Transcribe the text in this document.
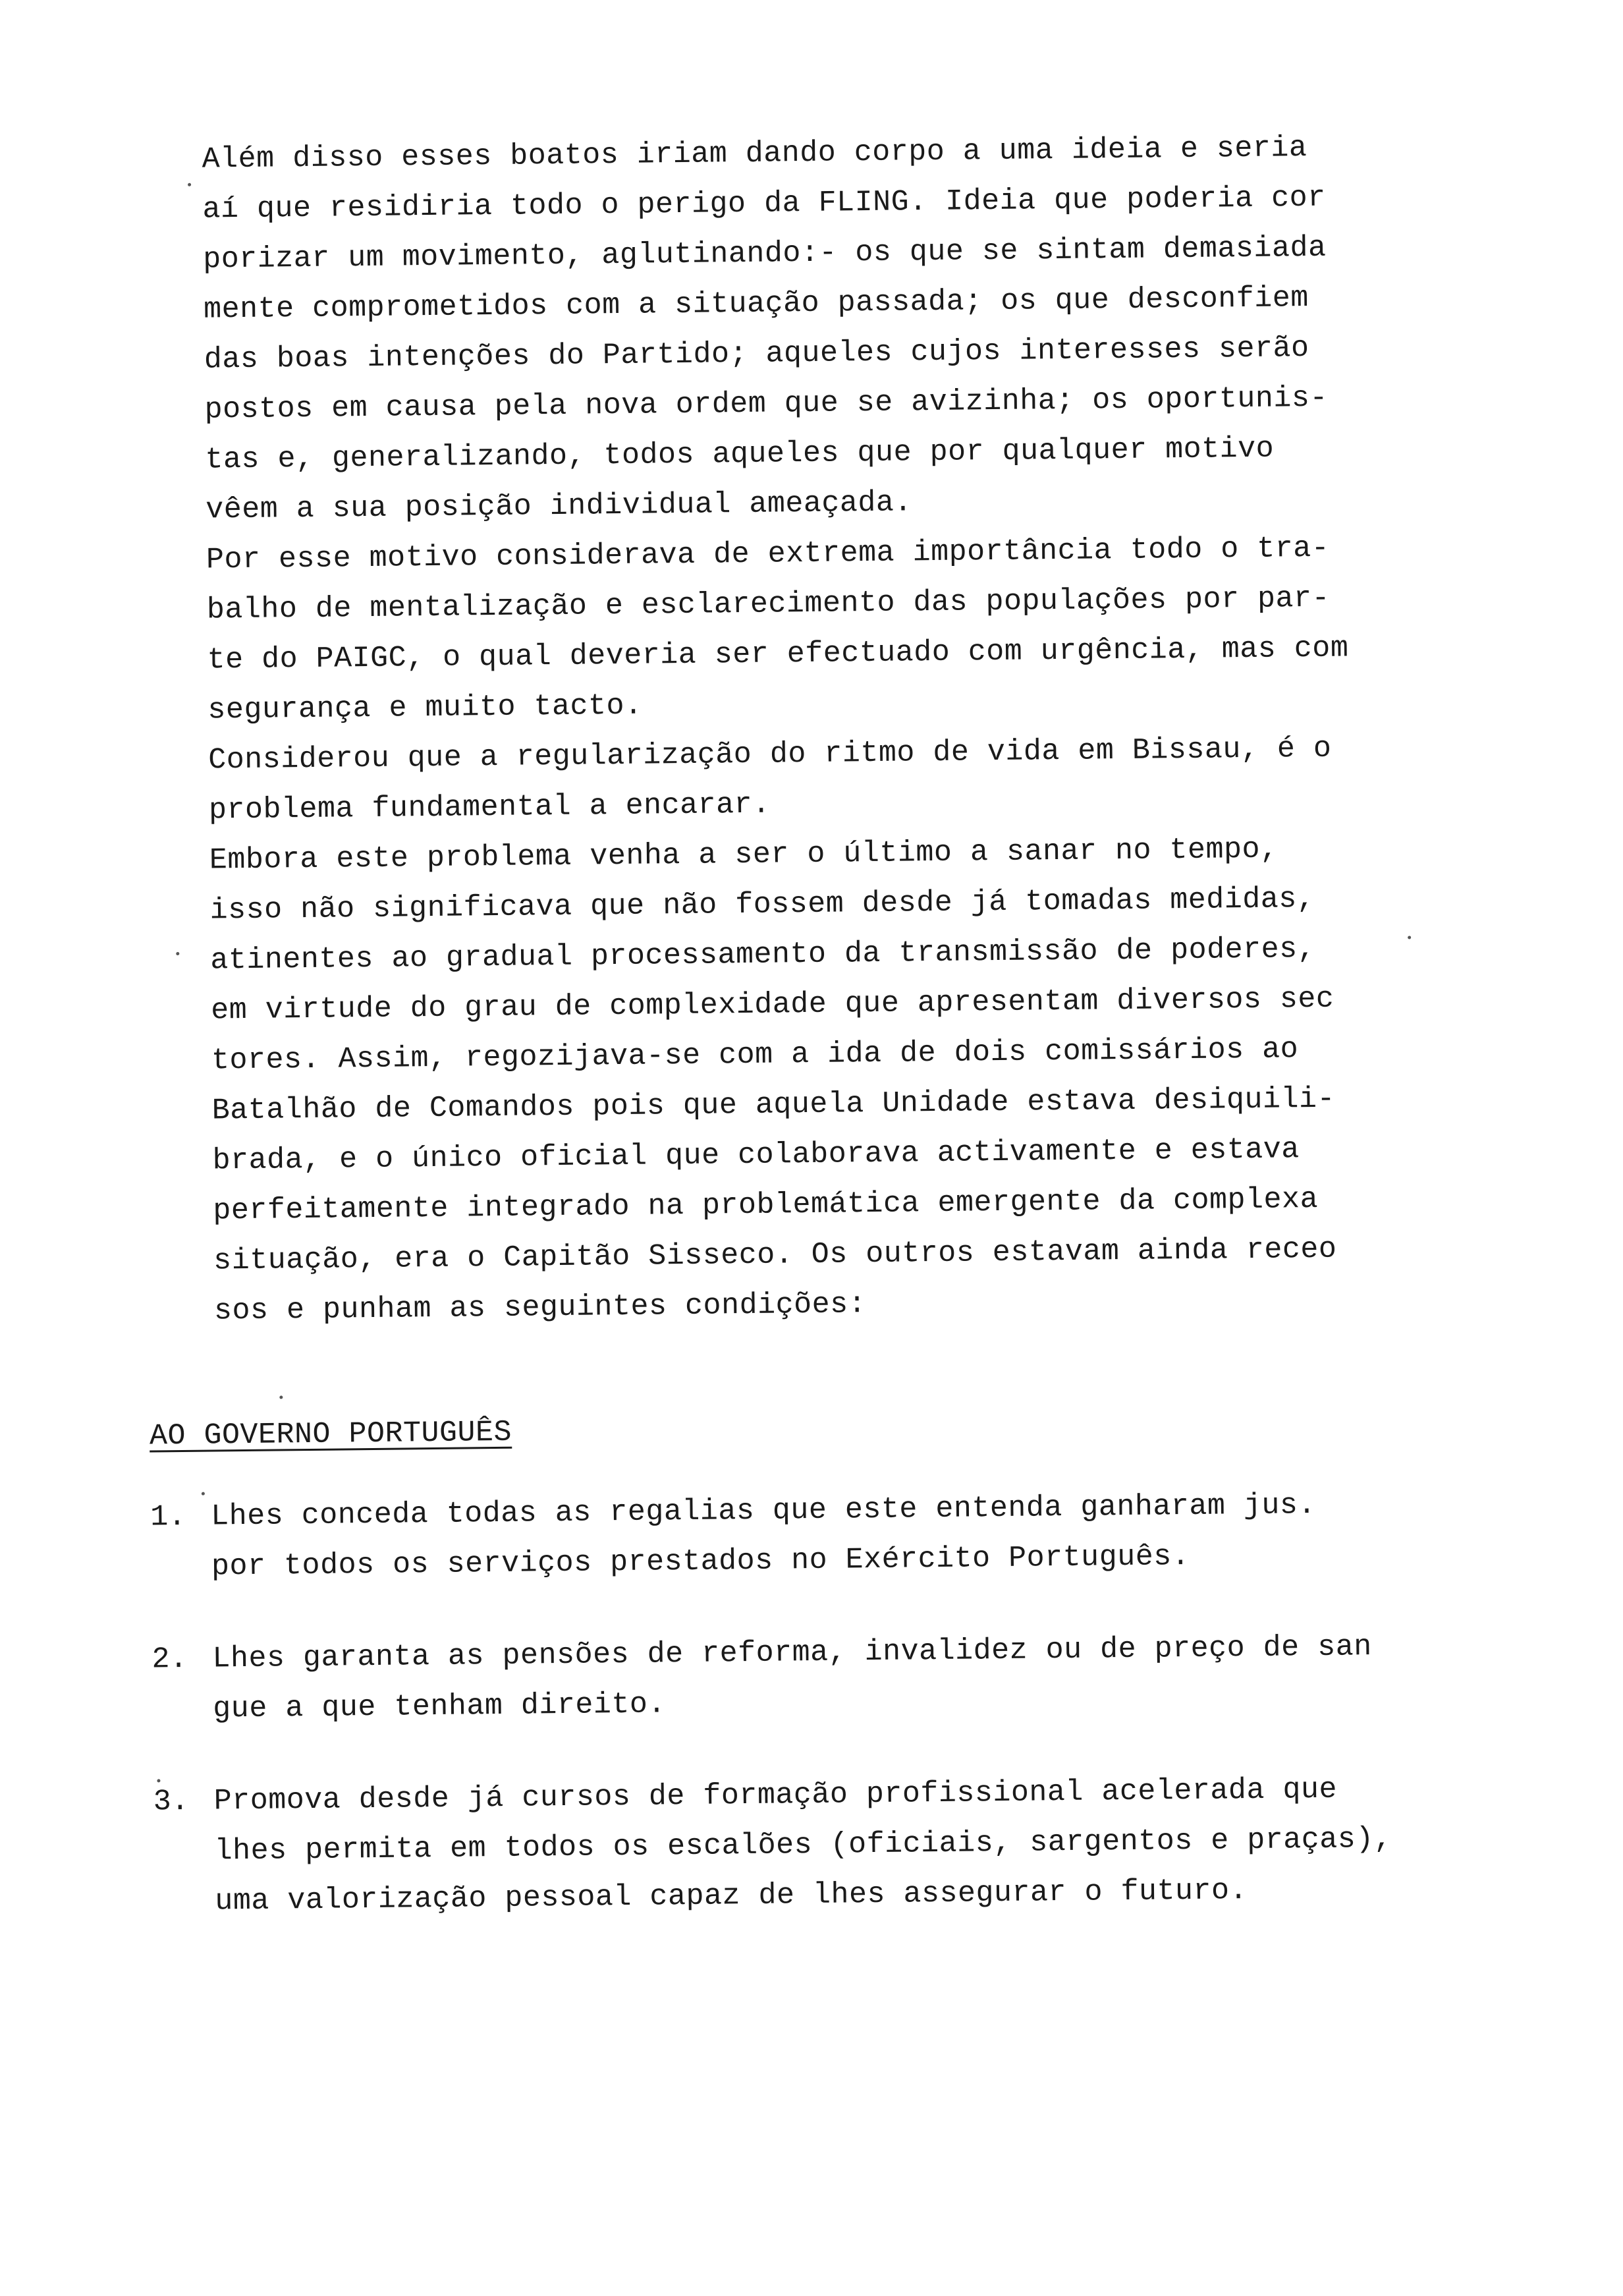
Além disso esses boatos iriam dando corpo a uma ideia e seria
aí que residiria todo o perigo da FLING. Ideia que poderia cor
porizar um movimento, aglutinando:- os que se sintam demasiada
mente comprometidos com a situação passada; os que desconfiem
das boas intenções do Partido; aqueles cujos interesses serão
postos em causa pela nova ordem que se avizinha; os oportunis-
tas e, generalizando, todos aqueles que por qualquer motivo
vêem a sua posição individual ameaçada.
Por esse motivo considerava de extrema importância todo o tra-
balho de mentalização e esclarecimento das populações por par-
te do PAIGC, o qual deveria ser efectuado com urgência, mas com
segurança e muito tacto.
Considerou que a regularização do ritmo de vida em Bissau, é o
problema fundamental a encarar.
Embora este problema venha a ser o último a sanar no tempo,
isso não significava que não fossem desde já tomadas medidas,
atinentes ao gradual processamento da transmissão de poderes,
em virtude do grau de complexidade que apresentam diversos sec
tores. Assim, regozijava-se com a ida de dois comissários ao
Batalhão de Comandos pois que aquela Unidade estava desiquili-
brada, e o único oficial que colaborava activamente e estava
perfeitamente integrado na problemática emergente da complexa
situação, era o Capitão Sisseco. Os outros estavam ainda receo
sos e punham as seguintes condições:
AO GOVERNO PORTUGUÊS
1. Lhes conceda todas as regalias que este entenda ganharam jus.
por todos os serviços prestados no Exército Português.
2. Lhes garanta as pensões de reforma, invalidez ou de preço de san
gue a que tenham direito.
3. Promova desde já cursos de formação profissional acelerada que
lhes permita em todos os escalões (oficiais, sargentos e praças),
uma valorização pessoal capaz de lhes assegurar o futuro.
